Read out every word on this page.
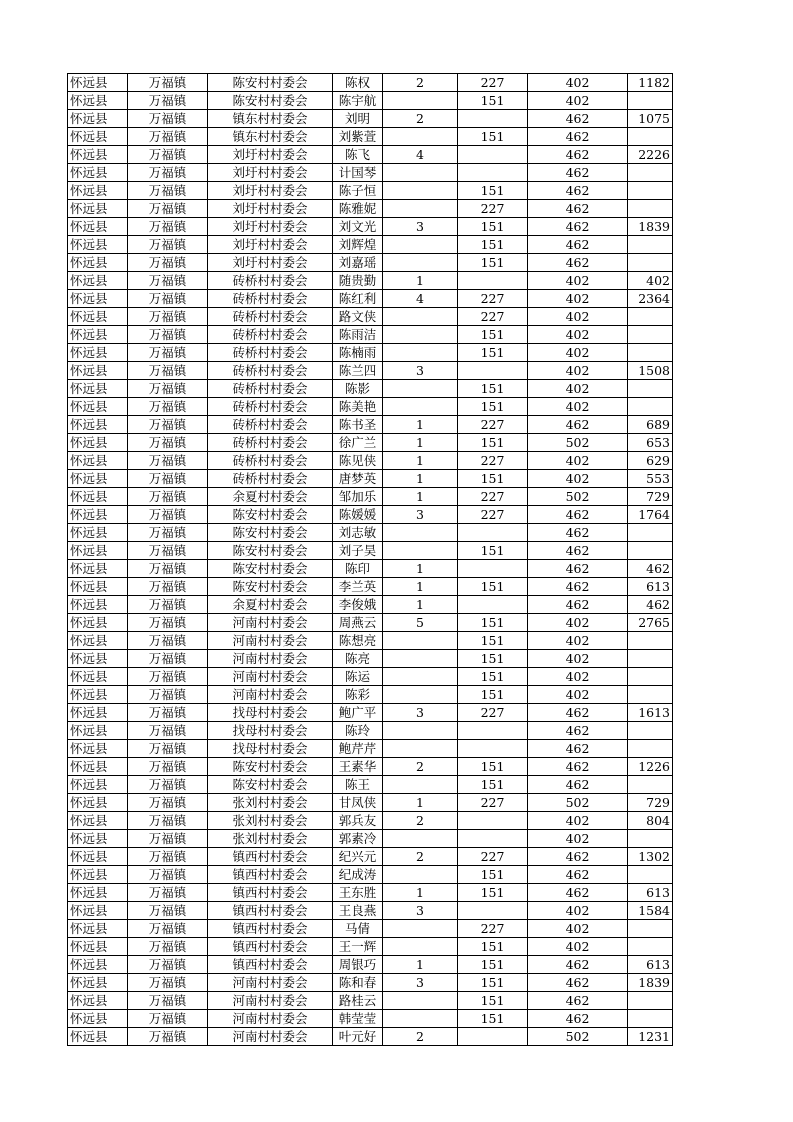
怀远县	万福镇	陈安村村委会	陈权	2	227	402	1182
怀远县	万福镇	陈安村村委会	陈宇航		151	402	
怀远县	万福镇	镇东村村委会	刘明	2		462	1075
怀远县	万福镇	镇东村村委会	刘紫萱		151	462	
怀远县	万福镇	刘圩村村委会	陈飞	4		462	2226
怀远县	万福镇	刘圩村村委会	计国琴			462	
怀远县	万福镇	刘圩村村委会	陈子恒		151	462	
怀远县	万福镇	刘圩村村委会	陈雅妮		227	462	
怀远县	万福镇	刘圩村村委会	刘文光	3	151	462	1839
怀远县	万福镇	刘圩村村委会	刘辉煌		151	462	
怀远县	万福镇	刘圩村村委会	刘嘉瑶		151	462	
怀远县	万福镇	砖桥村村委会	随贵勤	1		402	402
怀远县	万福镇	砖桥村村委会	陈红利	4	227	402	2364
怀远县	万福镇	砖桥村村委会	路文侠		227	402	
怀远县	万福镇	砖桥村村委会	陈雨洁		151	402	
怀远县	万福镇	砖桥村村委会	陈楠雨		151	402	
怀远县	万福镇	砖桥村村委会	陈兰四	3		402	1508
怀远县	万福镇	砖桥村村委会	陈影		151	402	
怀远县	万福镇	砖桥村村委会	陈美艳		151	402	
怀远县	万福镇	砖桥村村委会	陈书圣	1	227	462	689
怀远县	万福镇	砖桥村村委会	徐广兰	1	151	502	653
怀远县	万福镇	砖桥村村委会	陈见侠	1	227	402	629
怀远县	万福镇	砖桥村村委会	唐梦英	1	151	402	553
怀远县	万福镇	余夏村村委会	邹加乐	1	227	502	729
怀远县	万福镇	陈安村村委会	陈媛媛	3	227	462	1764
怀远县	万福镇	陈安村村委会	刘志敏			462	
怀远县	万福镇	陈安村村委会	刘子昊		151	462	
怀远县	万福镇	陈安村村委会	陈印	1		462	462
怀远县	万福镇	陈安村村委会	李兰英	1	151	462	613
怀远县	万福镇	余夏村村委会	李俊娥	1		462	462
怀远县	万福镇	河南村村委会	周燕云	5	151	402	2765
怀远县	万福镇	河南村村委会	陈想亮		151	402	
怀远县	万福镇	河南村村委会	陈亮		151	402	
怀远县	万福镇	河南村村委会	陈运		151	402	
怀远县	万福镇	河南村村委会	陈彩		151	402	
怀远县	万福镇	找母村村委会	鲍广平	3	227	462	1613
怀远县	万福镇	找母村村委会	陈玲			462	
怀远县	万福镇	找母村村委会	鲍芹芹			462	
怀远县	万福镇	陈安村村委会	王素华	2	151	462	1226
怀远县	万福镇	陈安村村委会	陈王		151	462	
怀远县	万福镇	张刘村村委会	甘凤侠	1	227	502	729
怀远县	万福镇	张刘村村委会	郭兵友	2		402	804
怀远县	万福镇	张刘村村委会	郭素冷			402	
怀远县	万福镇	镇西村村委会	纪兴元	2	227	462	1302
怀远县	万福镇	镇西村村委会	纪成涛		151	462	
怀远县	万福镇	镇西村村委会	王东胜	1	151	462	613
怀远县	万福镇	镇西村村委会	王良燕	3		402	1584
怀远县	万福镇	镇西村村委会	马倩		227	402	
怀远县	万福镇	镇西村村委会	王一辉		151	402	
怀远县	万福镇	镇西村村委会	周银巧	1	151	462	613
怀远县	万福镇	河南村村委会	陈和春	3	151	462	1839
怀远县	万福镇	河南村村委会	路桂云		151	462	
怀远县	万福镇	河南村村委会	韩莹莹		151	462	
怀远县	万福镇	河南村村委会	叶元好	2		502	1231
